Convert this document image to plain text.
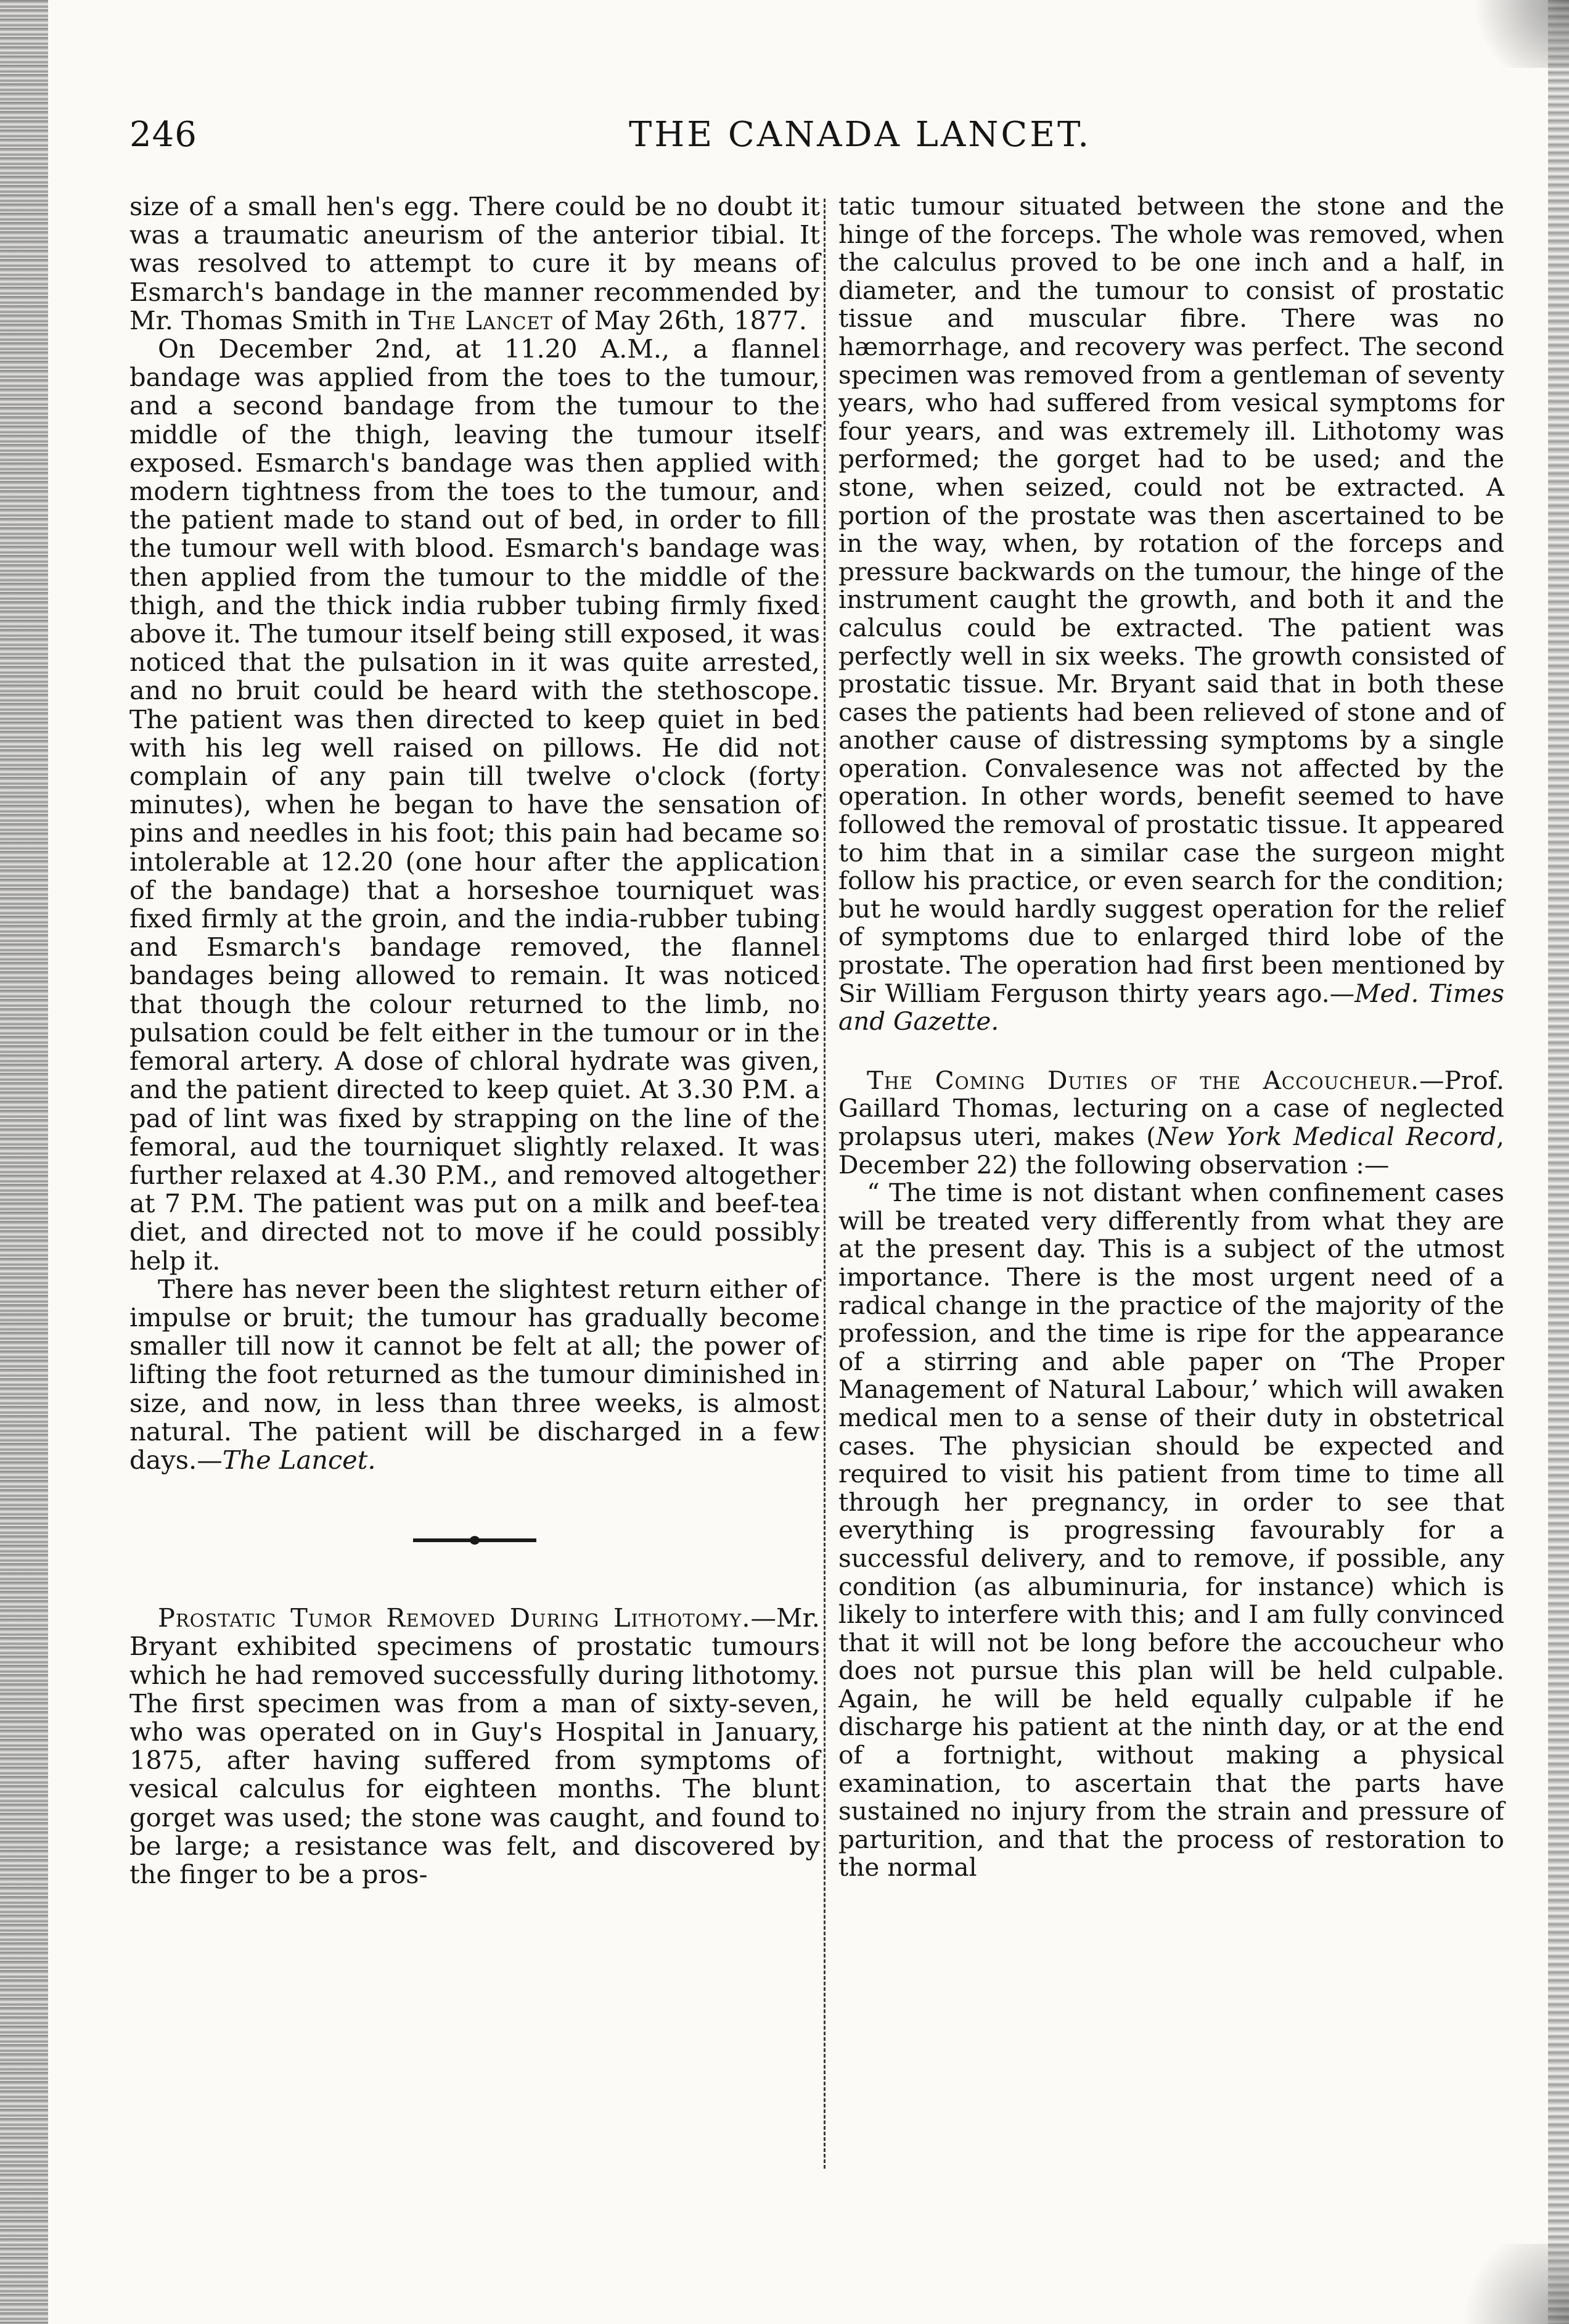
246	THE CANADA LANCET.

size of a small hen's egg. There could be no doubt it was a traumatic aneurism of the anterior tibial. It was resolved to attempt to cure it by means of Esmarch's bandage in the manner recommended by Mr. Thomas Smith in The Lancet of May 26th, 1877.

On December 2nd, at 11.20 A.M., a flannel bandage was applied from the toes to the tumour, and a second bandage from the tumour to the middle of the thigh, leaving the tumour itself exposed. Esmarch's bandage was then applied with modern tightness from the toes to the tumour, and the patient made to stand out of bed, in order to fill the tumour well with blood. Esmarch's bandage was then applied from the tumour to the middle of the thigh, and the thick india rubber tubing firmly fixed above it. The tumour itself being still exposed, it was noticed that the pulsation in it was quite arrested, and no bruit could be heard with the stethoscope. The patient was then directed to keep quiet in bed with his leg well raised on pillows. He did not complain of any pain till twelve o'clock (forty minutes), when he began to have the sensation of pins and needles in his foot; this pain had became so intolerable at 12.20 (one hour after the application of the bandage) that a horseshoe tourniquet was fixed firmly at the groin, and the india-rubber tubing and Esmarch's bandage removed, the flannel bandages being allowed to remain. It was noticed that though the colour returned to the limb, no pulsation could be felt either in the tumour or in the femoral artery. A dose of chloral hydrate was given, and the patient directed to keep quiet. At 3.30 P.M. a pad of lint was fixed by strapping on the line of the femoral, aud the tourniquet slightly relaxed. It was further relaxed at 4.30 P.M., and removed altogether at 7 P.M. The patient was put on a milk and beef-tea diet, and directed not to move if he could possibly help it.

There has never been the slightest return either of impulse or bruit; the tumour has gradually become smaller till now it cannot be felt at all; the power of lifting the foot returned as the tumour diminished in size, and now, in less than three weeks, is almost natural. The patient will be discharged in a few days.—The Lancet.

Prostatic Tumor Removed During Lithotomy.—Mr. Bryant exhibited specimens of prostatic tumours which he had removed successfully during lithotomy. The first specimen was from a man of sixty-seven, who was operated on in Guy's Hospital in January, 1875, after having suffered from symptoms of vesical calculus for eighteen months. The blunt gorget was used; the stone was caught, and found to be large; a resistance was felt, and discovered by the finger to be a pros-

tatic tumour situated between the stone and the hinge of the forceps. The whole was removed, when the calculus proved to be one inch and a half, in diameter, and the tumour to consist of prostatic tissue and muscular fibre. There was no hæmorrhage, and recovery was perfect. The second specimen was removed from a gentleman of seventy years, who had suffered from vesical symptoms for four years, and was extremely ill. Lithotomy was performed; the gorget had to be used; and the stone, when seized, could not be extracted. A portion of the prostate was then ascertained to be in the way, when, by rotation of the forceps and pressure backwards on the tumour, the hinge of the instrument caught the growth, and both it and the calculus could be extracted. The patient was perfectly well in six weeks. The growth consisted of prostatic tissue. Mr. Bryant said that in both these cases the patients had been relieved of stone and of another cause of distressing symptoms by a single operation. Convalesence was not affected by the operation. In other words, benefit seemed to have followed the removal of prostatic tissue. It appeared to him that in a similar case the surgeon might follow his practice, or even search for the condition; but he would hardly suggest operation for the relief of symptoms due to enlarged third lobe of the prostate. The operation had first been mentioned by Sir William Ferguson thirty years ago.—Med. Times and Gazette.

The Coming Duties of the Accoucheur.—Prof. Gaillard Thomas, lecturing on a case of neglected prolapsus uteri, makes (New York Medical Record, December 22) the following observation :—

“ The time is not distant when confinement cases will be treated very differently from what they are at the present day. This is a subject of the utmost importance. There is the most urgent need of a radical change in the practice of the majority of the profession, and the time is ripe for the appearance of a stirring and able paper on ‘The Proper Management of Natural Labour,’ which will awaken medical men to a sense of their duty in obstetrical cases. The physician should be expected and required to visit his patient from time to time all through her pregnancy, in order to see that everything is progressing favourably for a successful delivery, and to remove, if possible, any condition (as albuminuria, for instance) which is likely to interfere with this; and I am fully convinced that it will not be long before the accoucheur who does not pursue this plan will be held culpable. Again, he will be held equally culpable if he discharge his patient at the ninth day, or at the end of a fortnight, without making a physical examination, to ascertain that the parts have sustained no injury from the strain and pressure of parturition, and that the process of restoration to the normal
